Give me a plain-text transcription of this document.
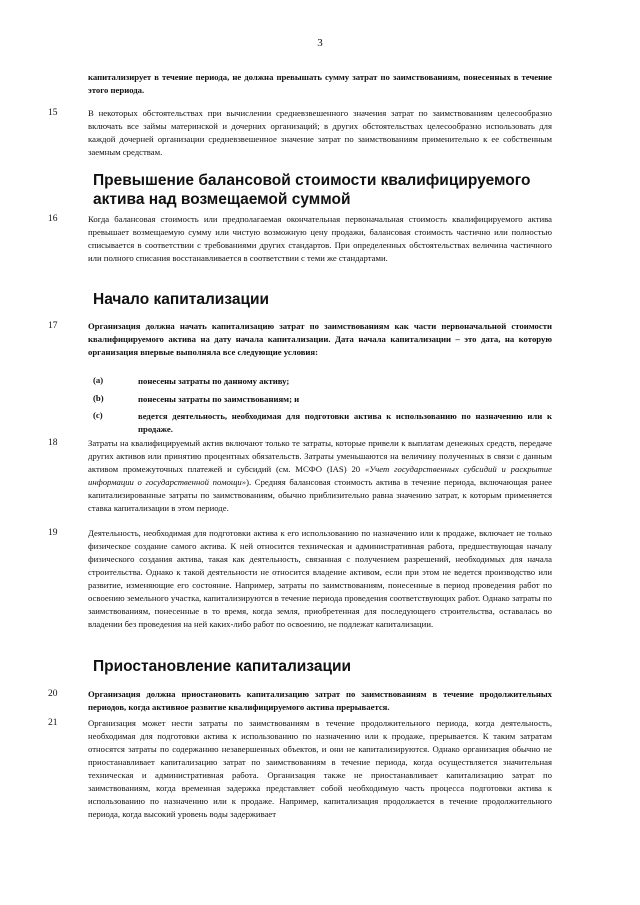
3

капитализирует в течение периода, не должна превышать сумму затрат по заимствованиям, понесенных в течение этого периода.

15	В некоторых обстоятельствах при вычислении средневзвешенного значения затрат по заимствованиям целесообразно включать все займы материнской и дочерних организаций; в других обстоятельствах целесообразно использовать для каждой дочерней организации средневзвешенное значение затрат по заимствованиям применительно к ее собственным заемным средствам.

Превышение балансовой стоимости квалифицируемого актива над возмещаемой суммой
16	Когда балансовая стоимость или предполагаемая окончательная первоначальная стоимость квалифицируемого актива превышает возмещаемую сумму или чистую возможную цену продажи, балансовая стоимость частично или полностью списывается в соответствии с требованиями других стандартов. При определенных обстоятельствах величина частичного или полного списания восстанавливается в соответствии с теми же стандартами.

Начало капитализации
17	Организация должна начать капитализацию затрат по заимствованиям как части первоначальной стоимости квалифицируемого актива на дату начала капитализации. Дата начала капитализации – это дата, на которую организация впервые выполняла все следующие условия:

(a)	понесены затраты по данному активу;

(b)	понесены затраты по заимствованиям; и

(c)	ведется деятельность, необходимая для подготовки актива к использованию по назначению или к продаже.

18	Затраты на квалифицируемый актив включают только те затраты, которые привели к выплатам денежных средств, передаче других активов или принятию процентных обязательств. Затраты уменьшаются на величину полученных в связи с данным активом промежуточных платежей и субсидий (см. МСФО (IAS) 20 «Учет государственных субсидий и раскрытие информации о государственной помощи»). Средняя балансовая стоимость актива в течение периода, включающая ранее капитализированные затраты по заимствованиям, обычно приблизительно равна значению затрат, к которым применяется ставка капитализации в этом периоде.

19	Деятельность, необходимая для подготовки актива к его использованию по назначению или к продаже, включает не только физическое создание самого актива. К ней относится техническая и административная работа, предшествующая началу физического создания актива, такая как деятельность, связанная с получением разрешений, необходимых для начала строительства. Однако к такой деятельности не относится владение активом, если при этом не ведется производство или развитие, изменяющие его состояние. Например, затраты по заимствованиям, понесенные в период проведения работ по освоению земельного участка, капитализируются в течение периода проведения соответствующих работ. Однако затраты по заимствованиям, понесенные в то время, когда земля, приобретенная для последующего строительства, оставалась во владении без проведения на ней каких-либо работ по освоению, не подлежат капитализации.

Приостановление капитализации
20	Организация должна приостановить капитализацию затрат по заимствованиям в течение продолжительных периодов, когда активное развитие квалифицируемого актива прерывается.

21	Организация может нести затраты по заимствованиям в течение продолжительного периода, когда деятельность, необходимая для подготовки актива к использованию по назначению или к продаже, прерывается. К таким затратам относятся затраты по содержанию незавершенных объектов, и они не капитализируются. Однако организация обычно не приостанавливает капитализацию затрат по заимствованиям в течение периода, когда осуществляется значительная техническая и административная работа. Организация также не приостанавливает капитализацию затрат по заимствованиям, когда временная задержка представляет собой необходимую часть процесса подготовки актива к использованию по назначению или к продаже. Например, капитализация продолжается в течение продолжительного периода, когда высокий уровень воды задерживает
